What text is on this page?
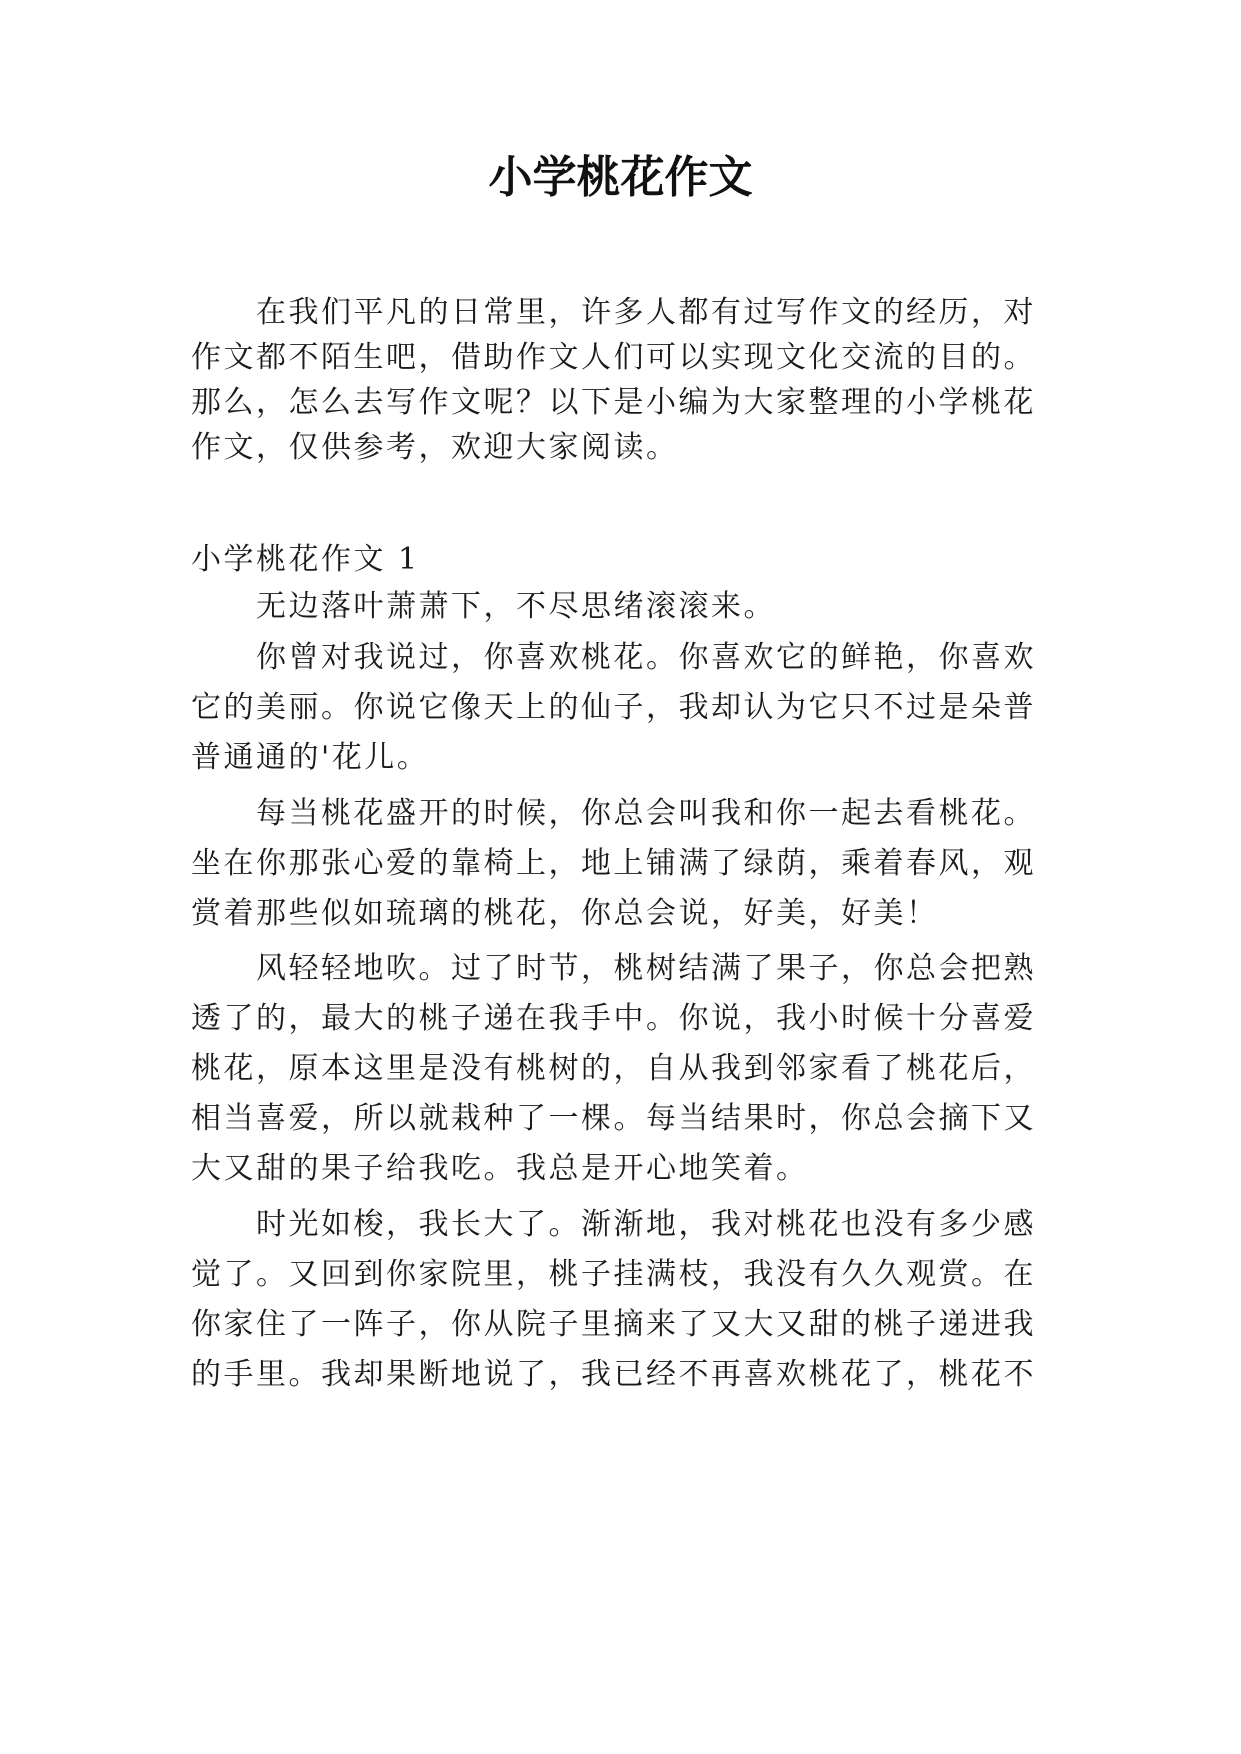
小学桃花作文

在我们平凡的日常里，许多人都有过写作文的经历，对

作文都不陌生吧，借助作文人们可以实现文化交流的目的。

那么，怎么去写作文呢？以下是小编为大家整理的小学桃花

作文，仅供参考，欢迎大家阅读。

小学桃花作文 1

无边落叶萧萧下，不尽思绪滚滚来。

你曾对我说过，你喜欢桃花。你喜欢它的鲜艳，你喜欢

它的美丽。你说它像天上的仙子，我却认为它只不过是朵普

普通通的'花儿。

每当桃花盛开的时候，你总会叫我和你一起去看桃花。

坐在你那张心爱的靠椅上，地上铺满了绿荫，乘着春风，观

赏着那些似如琉璃的桃花，你总会说，好美，好美！

风轻轻地吹。过了时节，桃树结满了果子，你总会把熟

透了的，最大的桃子递在我手中。你说，我小时候十分喜爱

桃花，原本这里是没有桃树的，自从我到邻家看了桃花后，

相当喜爱，所以就栽种了一棵。每当结果时，你总会摘下又

大又甜的果子给我吃。我总是开心地笑着。

时光如梭，我长大了。渐渐地，我对桃花也没有多少感

觉了。又回到你家院里，桃子挂满枝，我没有久久观赏。在

你家住了一阵子，你从院子里摘来了又大又甜的桃子递进我

的手里。我却果断地说了，我已经不再喜欢桃花了，桃花不
